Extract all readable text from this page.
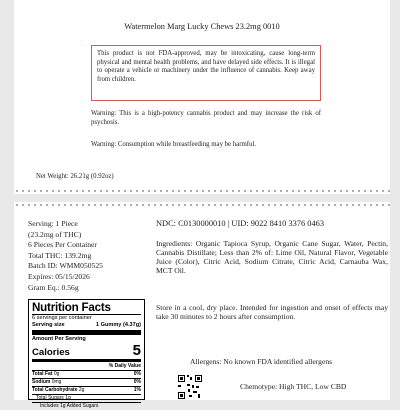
Watermelon Marg Lucky Chews 23.2mg 0010
This product is not FDA-approved, may be intoxicating, cause long-term physical and mental health problems, and have delayed side effects. It is illegal to operate a vehicle or machinery under the influence of cannabis. Keep away from children.
Warning: This is a high-potency cannabis product and may increase the risk of psychosis.
Warning: Consumption while breastfeeding may be harmful.
Net Weight: 26.21g (0.92oz)
Serving: 1 Piece
(23.2mg of THC)
6 Pieces Per Container
Total THC: 139.2mg
Batch ID: WMM050525
Expires: 05/15/2026
Gram Eq.: 0.56g
NDC: C0130000010 | UID: 9022 8410 3376 0463
Ingredients: Organic Tapioca Syrup, Organic Cane Sugar, Water, Pectin, Cannabis Distillate; Less than 2% of: Lime Oil, Natural Flavor, Vegetable Juice (Color), Citric Acid, Sodium Citrate, Citric Acid, Carnauba Wax, MCT Oil.
Store in a cool, dry place. Intended for ingestion and onset of effects may take 30 minutes to 2 hours after consumption.
Allergens: No known FDA identified allergens
Chemotype: High THC, Low CBD
Nutrition Facts
6 servings per container
Serving size	1 Gummy (4.37g)
Amount Per Serving
Calories	5
% Daily Value
Total Fat 0g	0%
Sodium 0mg	0%
Total Carbohydrate 2g	1%
Total Sugars 1g
Includes 1g Added Sugars
